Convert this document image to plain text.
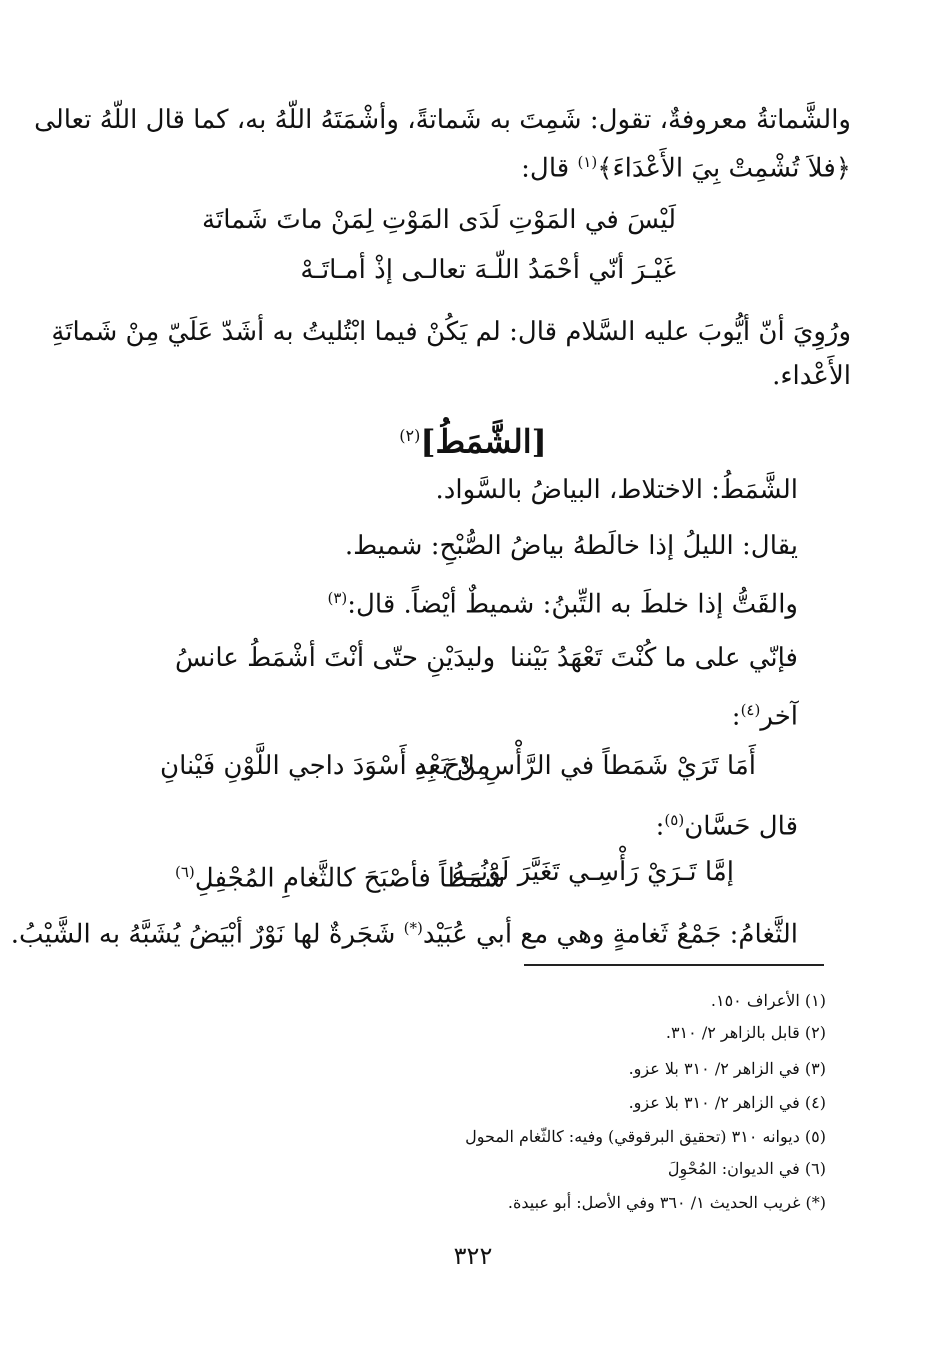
والشَّماتةُ معروفةٌ، تقول: شَمِتَ به شَماتةً، وأشْمَتَهُ اللّهُ به، كما قال اللّهُ تعالى
﴿فلاَ تُشْمِتْ بِيَ الأَعْدَاءَ﴾$^{(١)}$ قال:
لَيْسَ في المَوْتِ لَدَى المَوْتِ لِمَنْ ماتَ شَماتَة
غَيْـرَ أنّي أحْمَدُ اللّـهَ تعالـى إذْ أمـاتَـهْ
ورُوِيَ أنّ أيُّوبَ عليه السَّلام قال: لم يَكُنْ فيما ابْتُليتُ به أشَدّ عَلَيّ مِنْ شَماتَةِ
الأَعْداء.
[الشَّمَطُ]$^{(٢)}$
الشَّمَطُ: الاختلاط، البياضُ بالسَّواد.
يقال: الليلُ إذا خالَطهُ بياضُ الصُّبْحِ: شميط.
والقَتُّ إذا خلطَ به التِّبنُ: شميطٌ أيْضاً. قال:$^{(٣)}$
فإنّي على ما كُنْتَ تَعْهَدُ بَيْننا
وليدَيْنِ حتّى أنْتَ أشْمَطُ عانسُ
آخر$^{(٤)}$:
أَمَا تَرَيْ شَمَطاً في الرَّأْسِ لاحَ بِهِ
مِنْ بَعْدِ أَسْوَدَ داجي اللَّوْنِ فَيْنانِ
قال حَسَّان$^{(٥)}$:
إمَّا تَـرَيْ رَأْسِـي تَغَيَّرَ لَوْنُــهُ
شَمَطاً فأصْبَحَ كالثَّغامِ المُجْفِلِ$^{(٦)}$
الثَّغامُ: جَمْعُ ثَغامةٍ وهي مع أبي عُبَيْد(*) شَجَرةٌ لها نَوْرٌ أبْيَضُ يُشَبَّهُ به الشَّيْبُ.
(١) الأعراف ١٥٠.
(٢) قابل بالزاهر ٢/ ٣١٠.
(٣) في الزاهر ٢/ ٣١٠ بلا عزو.
(٤) في الزاهر ٢/ ٣١٠ بلا عزو.
(٥) ديوانه ٣١٠ (تحقيق البرقوقي) وفيه: كالثّغام المحول
(٦) في الديوان: المُحْوِلَ
(*) غريب الحديث ١/ ٣٦٠ وفي الأصل: أبو عبيدة.
٣٢٢
